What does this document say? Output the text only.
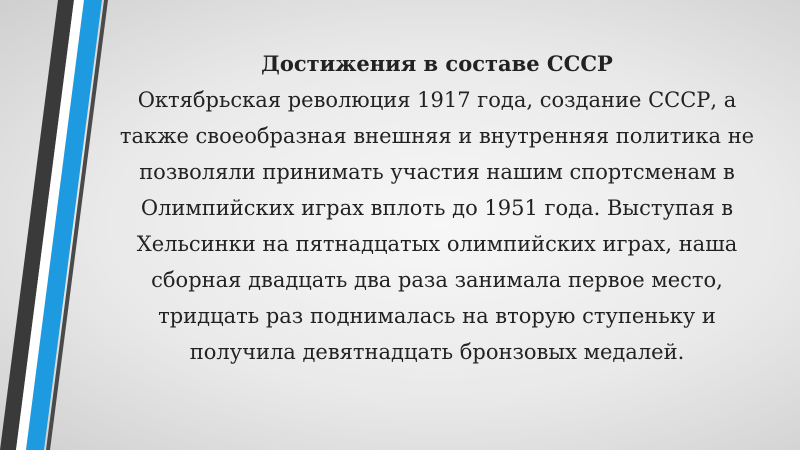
Достижения в составе СССР

Октябрьская революция 1917 года, создание СССР, а также своеобразная внешняя и внутренняя политика не позволяли принимать участия нашим спортсменам в Олимпийских играх вплоть до 1951 года. Выступая в Хельсинки на пятнадцатых олимпийских играх, наша сборная двадцать два раза занимала первое место, тридцать раз поднималась на вторую ступеньку и получила девятнадцать бронзовых медалей.
